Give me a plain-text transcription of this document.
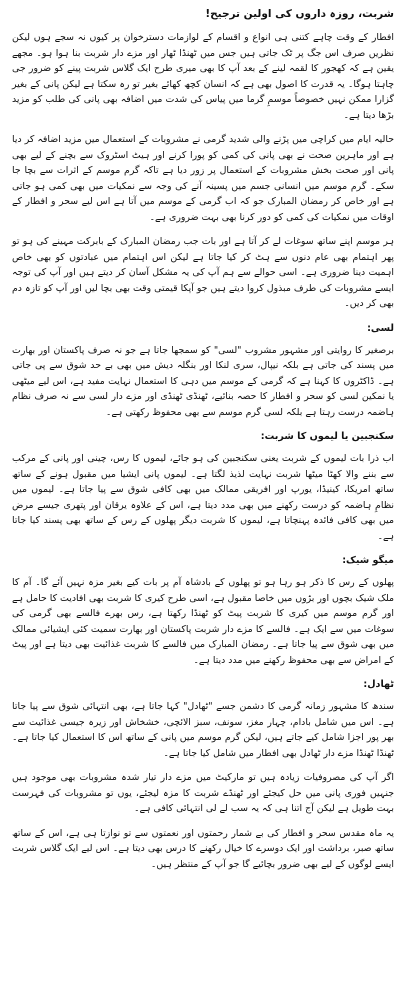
شربت، روزہ داروں کی اولین ترجیح!

افطار کے وقت چاہے کتنی ہی انواع و اقسام کے لوازمات دسترخوان پر کیوں نہ سجے ہوں لیکن نظریں صرف اس جگ پر ٹک جاتی ہیں جس میں ٹھنڈا ٹھار اور مزے دار شربت بنا ہوا ہو۔ مجھے یقین ہے کہ کھجور کا لقمہ لینے کے بعد آپ کا بھی میری طرح ایک گلاس شربت پینے کو ضرور جی چاہتا ہوگا۔ یہ قدرت کا اصول بھی ہے کہ انسان کچھ کھائے بغیر تو رہ سکتا ہے لیکن پانی کے بغیر گزارا ممکن نہیں خصوصاً موسمِ گرما میں پیاس کی شدت میں اضافہ بھی پانی کی طلب کو مزید بڑھا دیتا ہے۔

حالیہ ایام میں کراچی میں پڑنے والی شدید گرمی نے مشروبات کے استعمال میں مزید اضافہ کر دیا ہے اور ماہرین صحت نے بھی پانی کی کمی کو پورا کرنے اور ہیٹ اسٹروک سے بچنے کے لیے بھی پانی اور صحت بخش مشروبات کے استعمال پر زور دیا ہے تاکہ گرم موسم کے اثرات سے بچا جا سکے۔ گرم موسم میں انسانی جسم میں پسینہ آنے کی وجہ سے نمکیات میں بھی کمی ہو جاتی ہے اور خاص کر رمضان المبارک جو کہ اب گرمی کے موسم میں آتا ہے اس لیے سحر و افطار کے اوقات میں نمکیات کی کمی کو دور کرنا بھی بہت ضروری ہے۔

ہر موسم اپنے ساتھ سوغات لے کر آتا ہے اور بات جب رمضان المبارک کے بابرکت مہینے کی ہو تو پھر اہتمام بھی عام دنوں سے ہٹ کر کیا جاتا ہے لیکن اس اہتمام میں عبادتوں کو بھی خاص اہمیت دینا ضروری ہے۔ اسی حوالے سے ہم آپ کی یہ مشکل آسان کر دیتے ہیں اور آپ کی توجہ ایسے مشروبات کی طرف مبذول کروا دیتے ہیں جو آپکا قیمتی وقت بھی بچا لیں اور آپ کو تازہ دم بھی کر دیں۔

لسی:

برصغیر کا روایتی اور مشہور مشروب "لسی" کو سمجھا جاتا ہے جو نہ صرف پاکستان اور بھارت میں پسند کی جاتی ہے بلکہ نیپال، سری لنکا اور بنگلہ دیش میں بھی بے حد شوق سے پی جاتی ہے۔ ڈاکٹروں کا کہنا ہے کہ گرمی کے موسم میں دہی کا استعمال نہایت مفید ہے، اس لیے میٹھی یا نمکین لسی کو سحر و افطار کا حصہ بنائیے، ٹھنڈی ٹھنڈی اور مزے دار لسی سے نہ صرف نظام ہاضمہ درست رہتا ہے بلکہ لسی گرم موسم سے بھی محفوظ رکھتی ہے۔

سکنجبین یا لیموں کا شربت:

اب ذرا بات لیموں کے شربت یعنی سکنجبین کی ہو جائے، لیموں کا رس، چینی اور پانی کے مرکب سے بننے والا کھٹا میٹھا شربت نہایت لذیذ لگتا ہے۔ لیموں پانی ایشیا میں مقبول ہونے کے ساتھ ساتھ امریکا، کینیڈا، یورپ اور افریقی ممالک میں بھی کافی شوق سے پیا جاتا ہے۔ لیموں میں نظامِ ہاضمہ کو درست رکھنے میں بھی مدد دیتا ہے، اس کے علاوہ یرقان اور پتھری جیسے مرض میں بھی کافی فائدہ پہنچاتا ہے، لیموں کا شربت دیگر پھلوں کے رس کے ساتھ بھی پسند کیا جاتا ہے۔

میگو شیک:

پھلوں کے رس کا ذکر ہو رہا ہو تو پھلوں کے بادشاہ آم پر بات کیے بغیر مزہ نہیں آئے گا۔ آم کا ملک شیک بچوں اور بڑوں میں خاصا مقبول ہے، اسی طرح کیری کا شربت بھی افادیت کا حامل ہے اور گرم موسم میں کیری کا شربت پیٹ کو ٹھنڈا رکھتا ہے، رس بھرے فالسے بھی گرمی کی سوغات میں سے ایک ہے۔ فالسے کا مزے دار شربت پاکستان اور بھارت سمیت کئی ایشیائی ممالک میں بھی شوق سے پیا جاتا ہے۔ رمضان المبارک میں فالسے کا شربت غذائیت بھی دیتا ہے اور پیٹ کے امراض سے بھی محفوظ رکھنے میں مدد دیتا ہے۔

ٹھادل:

سندھ کا مشہور زمانہ گرمی کا دشمن جسے "ٹھادل" کہا جاتا ہے، بھی انتہائی شوق سے پیا جاتا ہے۔ اس میں شامل بادام، چہار مغز، سونف، سبز الائچی، خشخاش اور زیرہ جیسی غذائیت سے بھر پور اجزا شامل کیے جاتے ہیں، لیکن گرم موسم میں پانی کے ساتھ اس کا استعمال کیا جاتا ہے۔ ٹھنڈا ٹھنڈا مزے دار ٹھادل بھی افطار میں شامل کیا جاتا ہے۔

اگر آپ کی مصروفیات زیادہ ہیں تو مارکیٹ میں مزے دار تیار شدہ مشروبات بھی موجود ہیں جنہیں فوری پانی میں حل کیجئے اور ٹھنڈے شربت کا مزہ لیجئے، یوں تو مشروبات کی فہرست بہت طویل ہے لیکن آج اتنا ہی کہ یہ سب لے لی انتہائی کافی ہے۔

یہ ماہ مقدس سحر و افطار کی بے شمار رحمتوں اور نعمتوں سے تو نوازتا ہی ہے، اس کے ساتھ ساتھ صبر، برداشت اور ایک دوسرے کا خیال رکھنے کا درس بھی دیتا ہے۔ اس لیے ایک گلاس شربت ایسے لوگوں کے لیے بھی ضرور بچائیے گا جو آپ کے منتظر ہیں۔
